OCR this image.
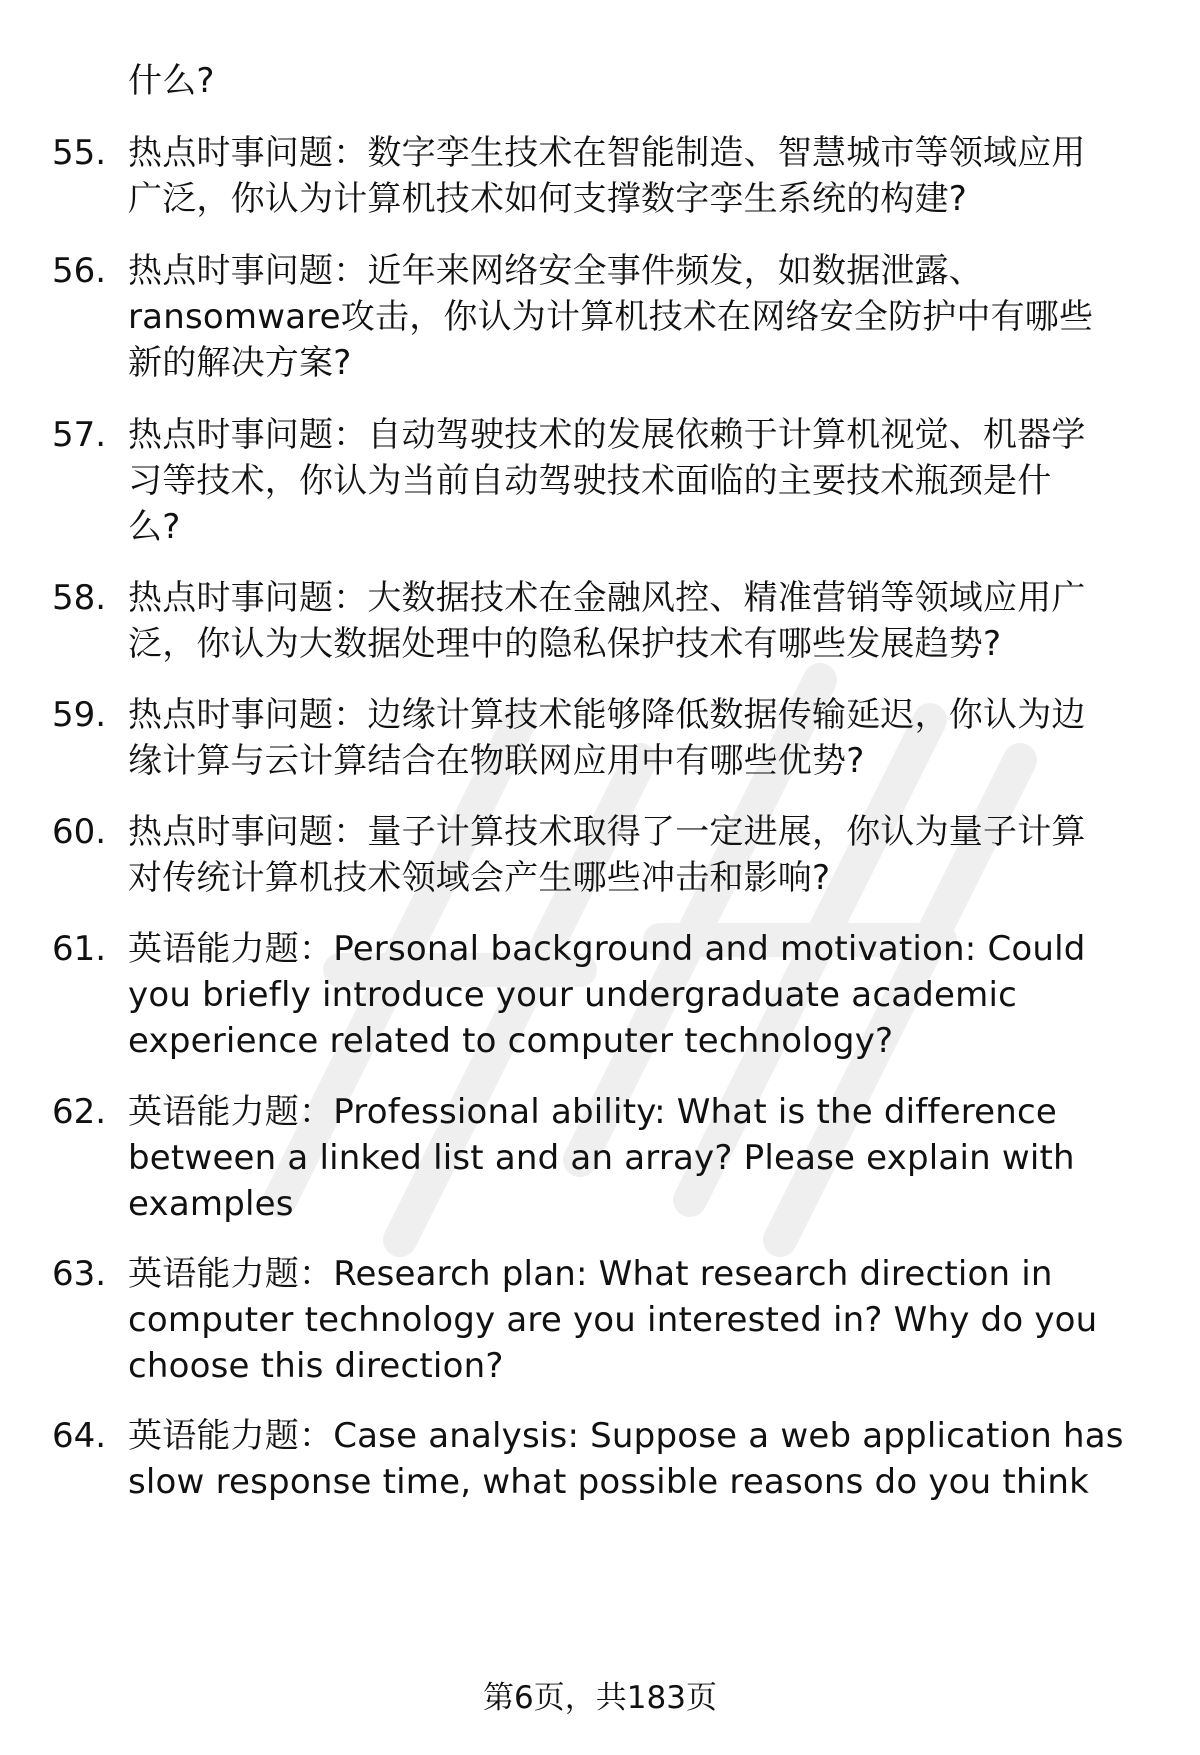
什么?
55. 热点时事问题：数字孪生技术在智能制造、智慧城市等领域应用
广泛，你认为计算机技术如何支撑数字孪生系统的构建?
56. 热点时事问题：近年来网络安全事件频发，如数据泄露、
ransomware攻击，你认为计算机技术在网络安全防护中有哪些
新的解决方案?
57. 热点时事问题：自动驾驶技术的发展依赖于计算机视觉、机器学
习等技术，你认为当前自动驾驶技术面临的主要技术瓶颈是什
么?
58. 热点时事问题：大数据技术在金融风控、精准营销等领域应用广
泛，你认为大数据处理中的隐私保护技术有哪些发展趋势?
59. 热点时事问题：边缘计算技术能够降低数据传输延迟，你认为边
缘计算与云计算结合在物联网应用中有哪些优势?
60. 热点时事问题：量子计算技术取得了一定进展，你认为量子计算
对传统计算机技术领域会产生哪些冲击和影响?
61. 英语能力题：Personal background and motivation: Could
you briefly introduce your undergraduate academic
experience related to computer technology?
62. 英语能力题：Professional ability: What is the difference
between a linked list and an array? Please explain with
examples
63. 英语能力题：Research plan: What research direction in
computer technology are you interested in? Why do you
choose this direction?
64. 英语能力题：Case analysis: Suppose a web application has
slow response time, what possible reasons do you think
第6页，共183页
